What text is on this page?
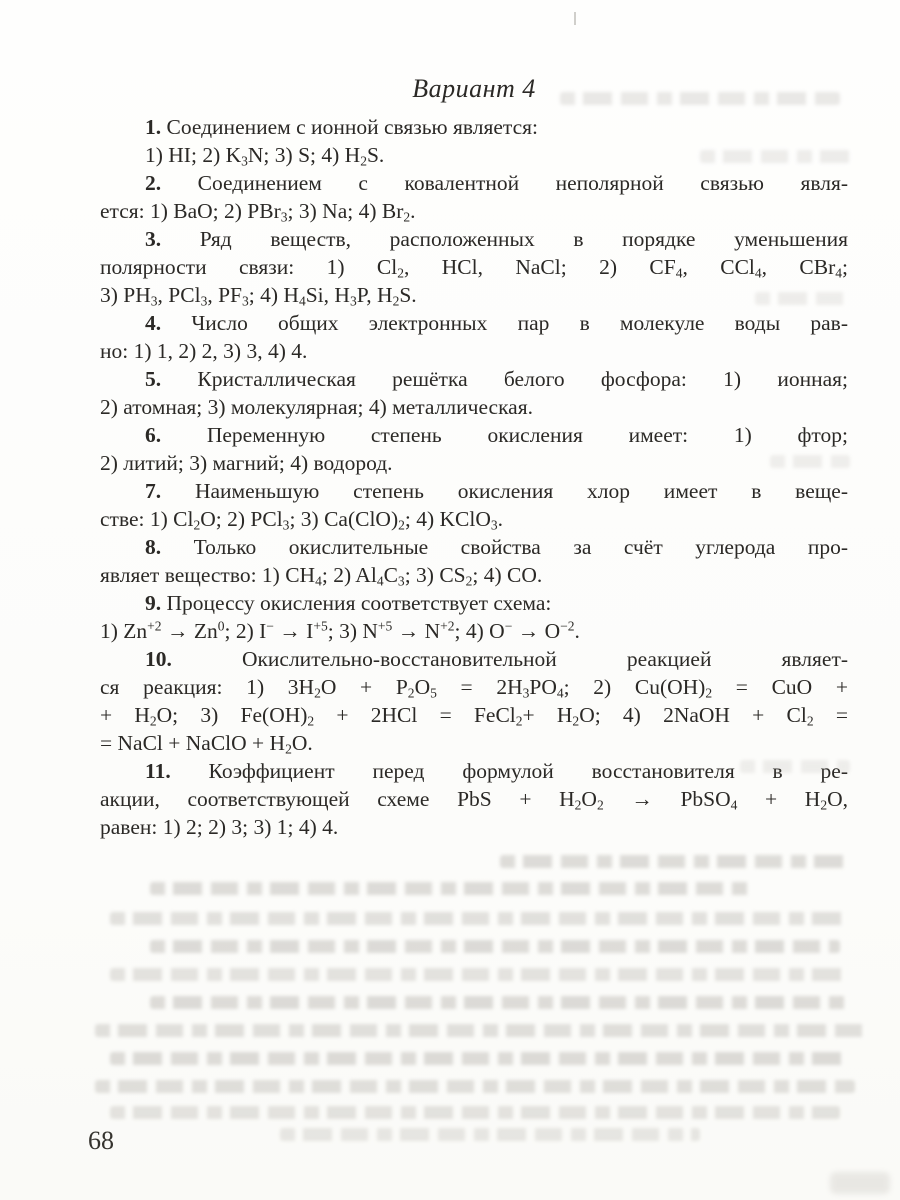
Вариант 4
1. Соединением с ионной связью является:
1) HI; 2) $K_3N$; 3) S; 4) $H_2S$.
2. Соединением с ковалентной неполярной связью явля-
ется: 1) BaO; 2) PBr$_3$; 3) Na; 4) $Br_2$.
3. Ряд веществ, расположенных в порядке уменьшения
полярности связи: 1) $Cl_2$, HCl, NaCl; 2) $CF_4$, CCl$_4$, CBr$_4$;
3) $PH_3$, PCl$_3$, $PF_3$; 4) $H_4Si$, $H_3P$, $H_2S$.
4. Число общих электронных пар в молекуле воды рав-
но: 1) 1, 2) 2, 3) 3, 4) 4.
5. Кристаллическая решётка белого фосфора: 1) ионная;
2) атомная; 3) молекулярная; 4) металлическая.
6. Переменную степень окисления имеет: 1) фтор;
2) литий; 3) магний; 4) водород.
7. Наименьшую степень окисления хлор имеет в веще-
стве: 1) $Cl_2O$; 2) PCl$_3$; 3) $Ca(ClO)_2$; 4) KClO$_3$.
8. Только окислительные свойства за счёт углерода про-
являет вещество: 1) $CH_4$; 2) $Al_4C_3$; 3) $CS_2$; 4) CO.
9. Процессу окисления соответствует схема:
1) $Zn^{+2} \to Zn^0$; 2) $I^- \to I^{+5}$; 3) $N^{+5} \to N^{+2}$; 4) $O^- \to O^{-2}$.
10. Окислительно-восстановительной реакцией являет-
ся реакция: 1) $3H_2O + P_2O_5 = 2H_3PO_4$; 2) $Cu(OH)_2$ = CuO +
+ $H_2O$; 3) $Fe(OH)_2 + 2HCl$ = FeCl$_2$+ $H_2O$; 4) 2NaOH + $Cl_2$ =
= NaCl + NaClO + $H_2O$.
11. Коэффициент перед формулой восстановителя в ре-
акции, соответствующей схеме PbS + $H_2O_2$ → PbSO$_4$ + $H_2O$,
равен: 1) 2; 2) 3; 3) 1; 4) 4.
68
